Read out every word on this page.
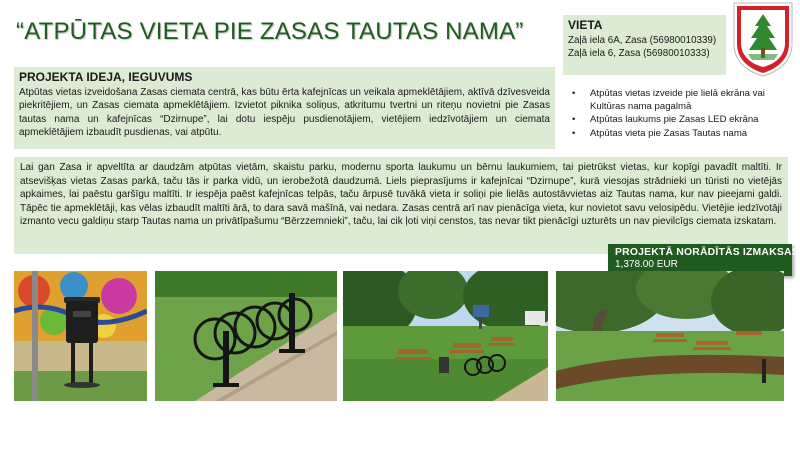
“ATPŪTAS VIETA PIE ZASAS TAUTAS NAMA”	VIETA
Zaļā iela 6A, Zasa (56980010339)
Zaļā iela 6, Zasa (56980010333)
PROJEKTA IDEJA, IEGUVUMS
Atpūtas vietas izveidošana Zasas ciemata centrā, kas būtu ērta kafejnīcas un veikala apmeklētājiem, aktīvā dzīvesveida piekritējiem, un Zasas ciemata apmeklētājiem. Izvietot piknika soliņus, atkritumu tvertni un riteņu novietni pie Zasas tautas nama un kafejnīcas “Dzirnupe”, lai dotu iespēju pusdienotājiem, vietējiem iedzīvotājiem un ciemata apmeklētājiem izbaudīt pusdienas, vai atpūtu.
• Atpūtas vietas izveide pie lielā ekrāna vai Kultūras nama pagalmā
• Atpūtas laukums pie Zasas LED ekrāna
• Atpūtas vieta pie Zasas Tautas nama
Lai gan Zasa ir apveltīta ar daudzām atpūtas vietām, skaistu parku, modernu sporta laukumu un bērnu laukumiem, tai pietrūkst vietas, kur kopīgi pavadīt maltīti. Ir atsevišķas vietas Zasas parkā, taču tās ir parka vidū, un ierobežotā daudzumā. Liels pieprasījums ir kafejnīcai “Dzirnupe”, kurā viesojas strādnieki un tūristi no vietējās apkaimes, lai paēstu garšīgu maltīti. Ir iespēja paēst kafejnīcas telpās, taču ārpusē tuvākā vieta ir soliņi pie lielās autostāvvietas aiz Tautas nama, kur nav pieejami galdi. Tāpēc tie apmeklētāji, kas vēlas izbaudīt maltīti ārā, to dara savā mašīnā, vai nedara. Zasas centrā arī nav pienācīga vieta, kur novietot savu velosipēdu. Vietējie iedzīvotāji izmanto vecu galdiņu starp Tautas nama un privātīpašumu “Bērzzemnieki”, taču, lai cik ļoti viņi censtos, tas nevar tikt pienācīgi uzturēts un nav pievilcīgs ciemata izskatam.
PROJEKTĀ NORĀDĪTĀS IZMAKSAS
1,378.00 EUR
